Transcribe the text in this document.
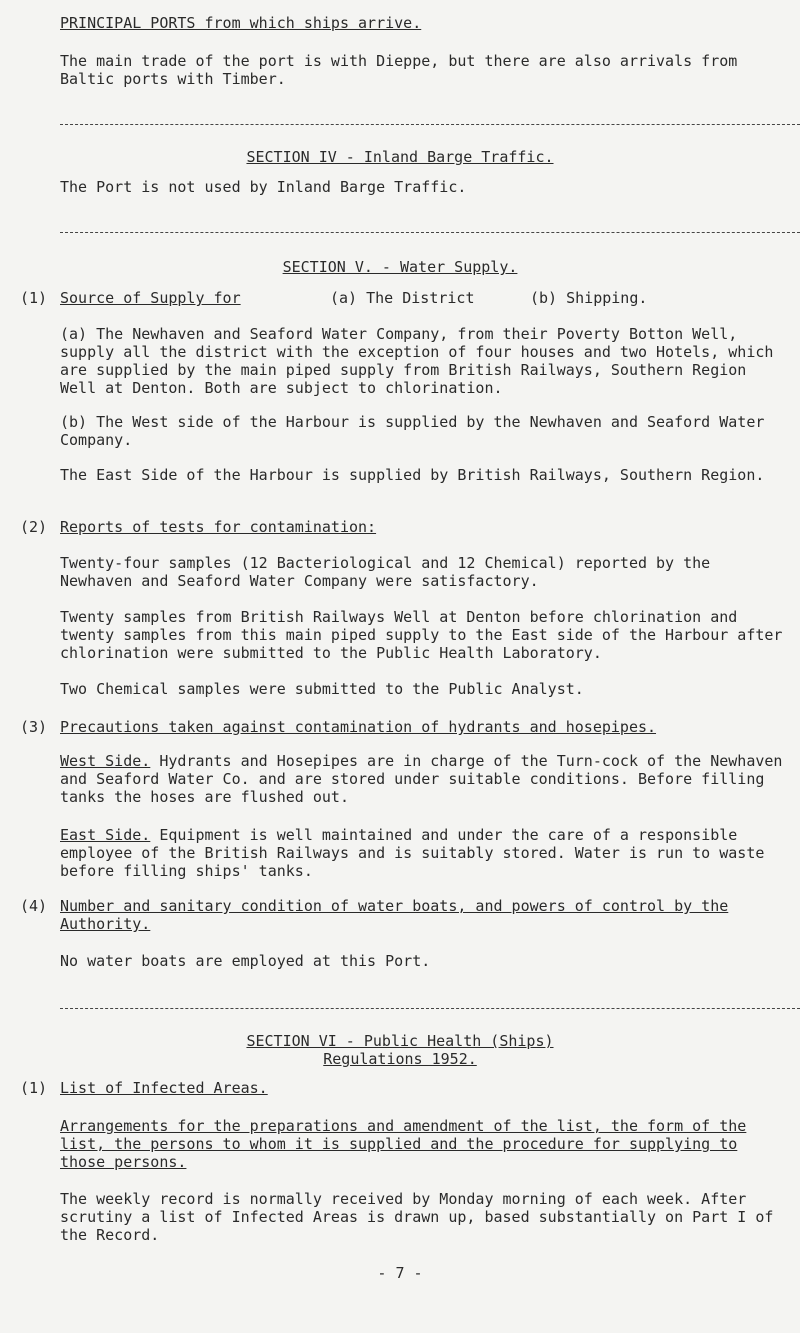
PRINCIPAL PORTS from which ships arrive.
The main trade of the port is with Dieppe, but there are also arrivals from Baltic ports with Timber.
SECTION IV - Inland Barge Traffic.
The Port is not used by Inland Barge Traffic.
SECTION V. - Water Supply.
(1) Source of Supply for	(a) The District	(b) Shipping.
(a) The Newhaven and Seaford Water Company, from their Poverty Botton Well, supply all the district with the exception of four houses and two Hotels, which are supplied by the main piped supply from British Railways, Southern Region Well at Denton. Both are subject to chlorination.
(b) The West side of the Harbour is supplied by the Newhaven and Seaford Water Company.
The East Side of the Harbour is supplied by British Railways, Southern Region.
(2) Reports of tests for contamination:
Twenty-four samples (12 Bacteriological and 12 Chemical) reported by the Newhaven and Seaford Water Company were satisfactory.
Twenty samples from British Railways Well at Denton before chlorination and twenty samples from this main piped supply to the East side of the Harbour after chlorination were submitted to the Public Health Laboratory.
Two Chemical samples were submitted to the Public Analyst.
(3) Precautions taken against contamination of hydrants and hosepipes.
West Side. Hydrants and Hosepipes are in charge of the Turn-cock of the Newhaven and Seaford Water Co. and are stored under suitable conditions. Before filling tanks the hoses are flushed out.
East Side. Equipment is well maintained and under the care of a responsible employee of the British Railways and is suitably stored. Water is run to waste before filling ships' tanks.
(4) Number and sanitary condition of water boats, and powers of control by the Authority.
No water boats are employed at this Port.
SECTION VI - Public Health (Ships)
Regulations 1952.
(1) List of Infected Areas.
Arrangements for the preparations and amendment of the list, the form of the list, the persons to whom it is supplied and the procedure for supplying to those persons.
The weekly record is normally received by Monday morning of each week. After scrutiny a list of Infected Areas is drawn up, based substantially on Part I of the Record.
- 7 -
